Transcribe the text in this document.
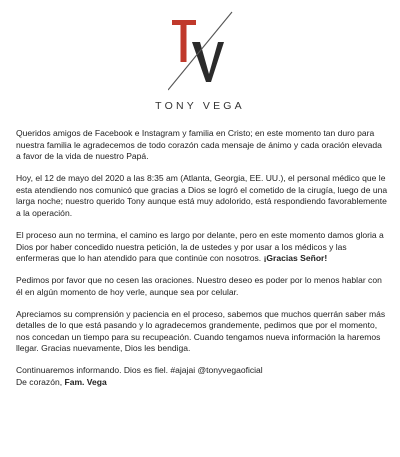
TONY VEGA

Queridos amigos de Facebook e Instagram y familia en Cristo; en este momento tan duro para nuestra familia le agradecemos de todo corazón cada mensaje de ánimo y cada oración elevada a favor de la vida de nuestro Papá.

Hoy, el 12 de mayo del 2020 a las 8:35 am (Atlanta, Georgia, EE. UU.), el personal médico que le esta atendiendo nos comunicó que gracias a Dios se logró el cometido de la cirugía, luego de una larga noche; nuestro querido Tony aunque está muy adolorido, está respondiendo favorablemente a la operación.

El proceso aun no termina, el camino es largo por delante, pero en este momento damos gloria a Dios por haber concedido nuestra petición, la de ustedes y por usar a los médicos y las enfermeras que lo han atendido para que continúe con nosotros. ¡Gracias Señor!

Pedimos por favor que no cesen las oraciones. Nuestro deseo es poder por lo menos hablar con él en algún momento de hoy verle, aunque sea por celular.

Apreciamos su comprensión y paciencia en el proceso, sabemos que muchos querrán saber más detalles de lo que está pasando y lo agradecemos grandemente, pedimos que por el momento, nos concedan un tiempo para su recupeación. Cuando tengamos nueva información la haremos llegar. Gracias nuevamente, Dios les bendiga.

Continuaremos informando. Dios es fiel. #ajajai @tonyvegaoficial
De corazón, Fam. Vega
